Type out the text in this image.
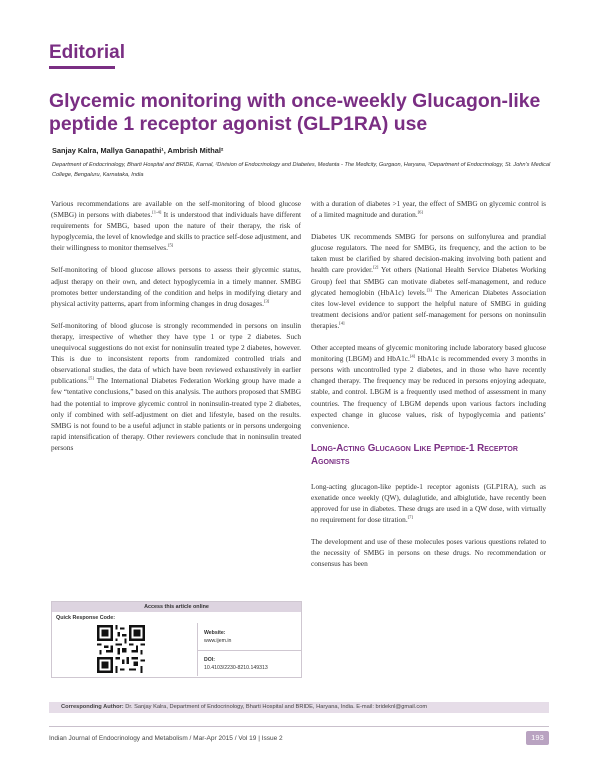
Editorial
Glycemic monitoring with once-weekly Glucagon-like peptide 1 receptor agonist (GLP1RA) use
Sanjay Kalra, Mallya Ganapathi¹, Ambrish Mithal²
Department of Endocrinology, Bharti Hospital and BRIDE, Karnal, ²Division of Endocrinology and Diabetes, Medanta - The Medicity, Gurgaon, Haryana, ¹Department of Endocrinology, St. John's Medical College, Bengaluru, Karnataka, India

Various recommendations are available on the self-monitoring of blood glucose (SMBG) in persons with diabetes.[1-4] It is understood that individuals have different requirements for SMBG, based upon the nature of their therapy, the risk of hypoglycemia, the level of knowledge and skills to practice self-dose adjustment, and their willingness to monitor themselves.[5]

Self-monitoring of blood glucose allows persons to assess their glycemic status, adjust therapy on their own, and detect hypoglycemia in a timely manner. SMBG promotes better understanding of the condition and helps in modifying dietary and physical activity patterns, apart from informing changes in drug dosages.[3]

Self-monitoring of blood glucose is strongly recommended in persons on insulin therapy, irrespective of whether they have type 1 or type 2 diabetes. Such unequivocal suggestions do not exist for noninsulin treated type 2 diabetes, however. This is due to inconsistent reports from randomized controlled trials and observational studies, the data of which have been reviewed exhaustively in earlier publications.[5] The International Diabetes Federation Working group have made a few “tentative conclusions,” based on this analysis. The authors proposed that SMBG had the potential to improve glycemic control in noninsulin-treated type 2 diabetes, only if combined with self-adjustment on diet and lifestyle, based on the results. SMBG is not found to be a useful adjunct in stable patients or in persons undergoing rapid intensification of therapy. Other reviewers conclude that in noninsulin treated persons

with a duration of diabetes >1 year, the effect of SMBG on glycemic control is of a limited magnitude and duration.[6]

Diabetes UK recommends SMBG for persons on sulfonylurea and prandial glucose regulators. The need for SMBG, its frequency, and the action to be taken must be clarified by shared decision-making involving both patient and health care provider.[2] Yet others (National Health Service Diabetes Working Group) feel that SMBG can motivate diabetes self-management, and reduce glycated hemoglobin (HbA1c) levels.[3] The American Diabetes Association cites low-level evidence to support the helpful nature of SMBG in guiding treatment decisions and/or patient self-management for persons on noninsulin therapies.[4]

Other accepted means of glycemic monitoring include laboratory based glucose monitoring (LBGM) and HbA1c.[4] HbA1c is recommended every 3 months in persons with uncontrolled type 2 diabetes, and in those who have recently changed therapy. The frequency may be reduced in persons enjoying adequate, stable, and control. LBGM is a frequently used method of assessment in many countries. The frequency of LBGM depends upon various factors including expected change in glucose values, risk of hypoglycemia and patients’ convenience.

Long-Acting Glucagon Like Peptide-1 Receptor Agonists

Long-acting glucagon-like peptide-1 receptor agonists (GLP1RA), such as exenatide once weekly (QW), dulaglutide, and albiglutide, have recently been approved for use in diabetes. These drugs are used in a QW dose, with virtually no requirement for dose titration.[7]

The development and use of these molecules poses various questions related to the necessity of SMBG in persons on these drugs. No recommendation or consensus has been

Access this article online
Quick Response Code:
Website:
www.ijem.in
DOI:
10.4103/2230-8210.149313
Corresponding Author: Dr. Sanjay Kalra, Department of Endocrinology, Bharti Hospital and BRIDE, Haryana, India. E-mail: brideknl@gmail.com
Indian Journal of Endocrinology and Metabolism / Mar-Apr 2015 / Vol 19 | Issue 2	193
